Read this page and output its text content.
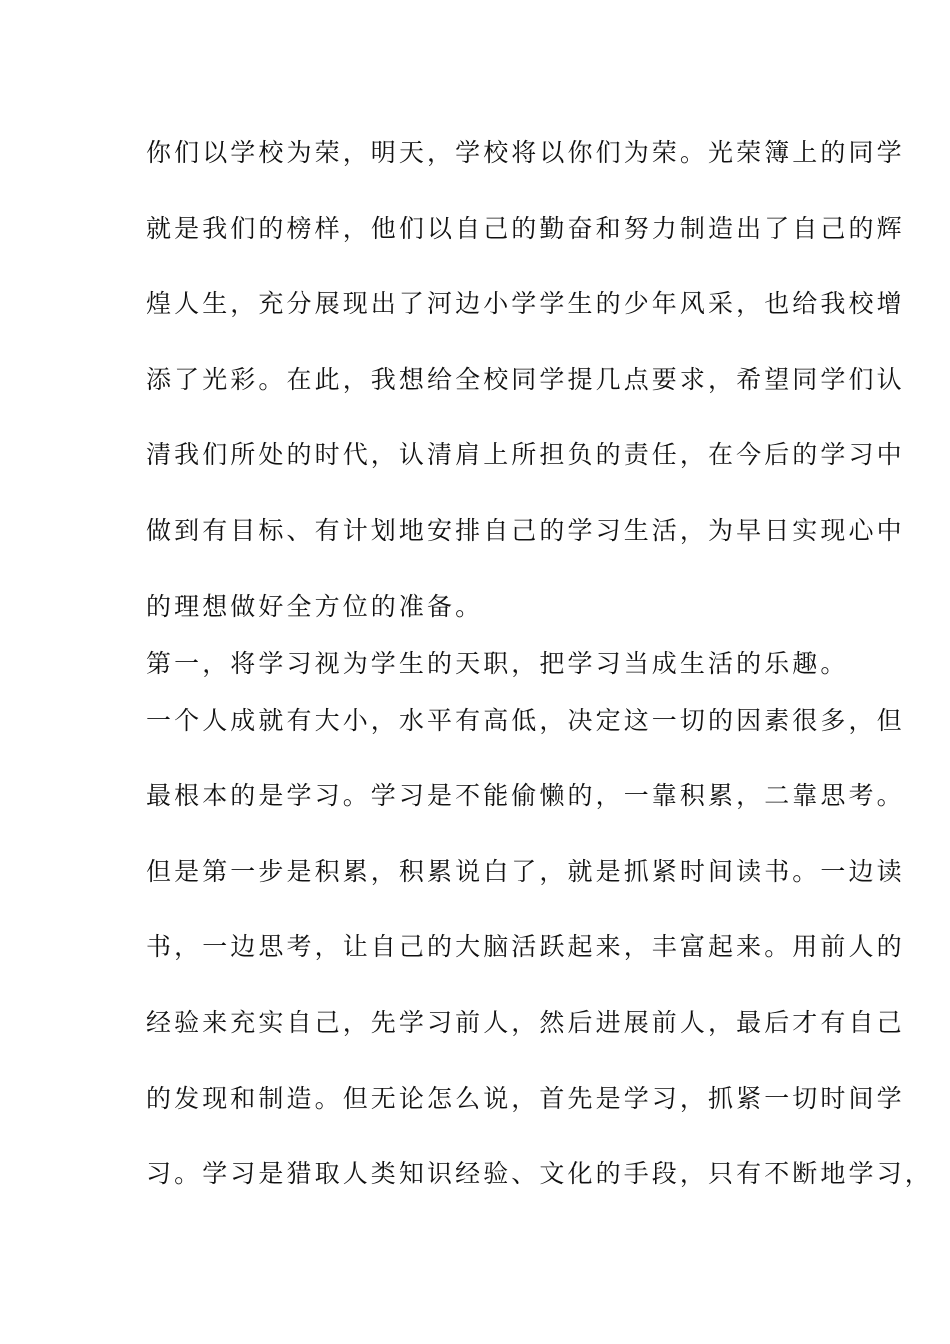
你们以学校为荣，明天，学校将以你们为荣。光荣簿上的同学
就是我们的榜样，他们以自己的勤奋和努力制造出了自己的辉
煌人生，充分展现出了河边小学学生的少年风采，也给我校增
添了光彩。在此，我想给全校同学提几点要求，希望同学们认
清我们所处的时代，认清肩上所担负的责任，在今后的学习中
做到有目标、有计划地安排自己的学习生活，为早日实现心中
的理想做好全方位的准备。
第一，将学习视为学生的天职，把学习当成生活的乐趣。
一个人成就有大小，水平有高低，决定这一切的因素很多，但
最根本的是学习。学习是不能偷懒的，一靠积累，二靠思考。
但是第一步是积累，积累说白了，就是抓紧时间读书。一边读
书，一边思考，让自己的大脑活跃起来，丰富起来。用前人的
经验来充实自己，先学习前人，然后进展前人，最后才有自己
的发现和制造。但无论怎么说，首先是学习，抓紧一切时间学
习。学习是猎取人类知识经验、文化的手段，只有不断地学习，
